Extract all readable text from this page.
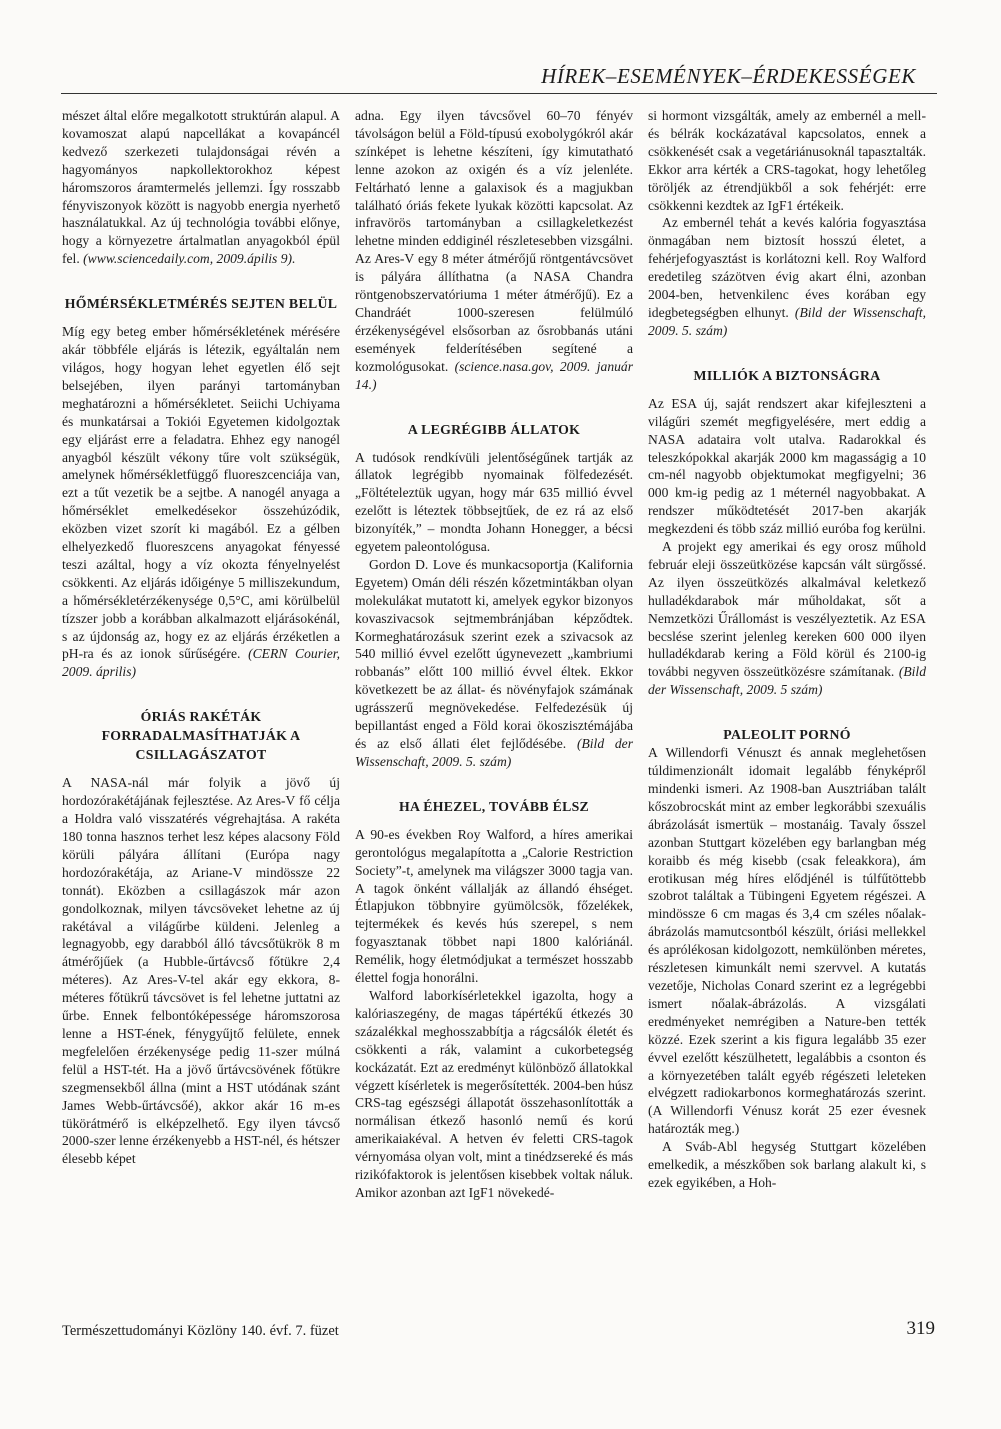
HÍREK–ESEMÉNYEK–ÉRDEKESSÉGEK

mészet által előre megalkotott struktúrán alapul. A kovamoszat alapú napcellákat a kovapáncél kedvező szerkezeti tulajdonságai révén a hagyományos napkollektorokhoz képest háromszoros áramtermelés jellemzi. Így rosszabb fényviszonyok között is nagyobb energia nyerhető használatukkal. Az új technológia további előnye, hogy a környezetre ártalmatlan anyagokból épül fel. (www.sciencedaily.com, 2009.ápilis 9).

HŐMÉRSÉKLETMÉRÉS SEJTEN BELÜL

Míg egy beteg ember hőmérsékletének mérésére akár többféle eljárás is létezik, egyáltalán nem világos, hogy hogyan lehet egyetlen élő sejt belsejében, ilyen parányi tartományban meghatározni a hőmérsékletet. Seiichi Uchiyama és munkatársai a Tokiói Egyetemen kidolgoztak egy eljárást erre a feladatra. Ehhez egy nanogél anyagból készült vékony tűre volt szükségük, amelynek hőmérsékletfüggő fluoreszcenciája van, ezt a tűt vezetik be a sejtbe. A nanogél anyaga a hőmérséklet emelkedésekor összehúzódik, eközben vizet szorít ki magából. Ez a gélben elhelyezkedő fluoreszcens anyagokat fényessé teszi azáltal, hogy a víz okozta fényelnyelést csökkenti. Az eljárás időigénye 5 milliszekundum, a hőmérsékletérzékenysége 0,5°C, ami körülbelül tízszer jobb a korábban alkalmazott eljárásokénál, s az újdonság az, hogy ez az eljárás érzéketlen a pH-ra és az ionok sűrűségére. (CERN Courier, 2009. április)

ÓRIÁS RAKÉTÁK FORRADALMASÍTHATJÁK A CSILLAGÁSZATOT

A NASA-nál már folyik a jövő új hordozórakétájának fejlesztése. Az Ares-V fő célja a Holdra való visszatérés végrehajtása. A rakéta 180 tonna hasznos terhet lesz képes alacsony Föld körüli pályára állítani (Európa nagy hordozórakétája, az Ariane-V mindössze 22 tonnát). Eközben a csillagászok már azon gondolkoznak, milyen távcsöveket lehetne az új rakétával a világűrbe küldeni. Jelenleg a legnagyobb, egy darabból álló távcsőtükrök 8 m átmérőjűek (a Hubble-űrtávcső főtükre 2,4 méteres). Az Ares-V-tel akár egy ekkora, 8-méteres főtükrű távcsövet is fel lehetne juttatni az űrbe. Ennek felbontóképessége háromszorosa lenne a HST-ének, fénygyűjtő felülete, ennek megfelelően érzékenysége pedig 11-szer múlná felül a HST-tét. Ha a jövő űrtávcsövének főtükre szegmensekből állna (mint a HST utódának szánt James Webb-űrtávcsőé), akkor akár 16 m-es tükörátmérő is elképzelhető. Egy ilyen távcső 2000-szer lenne érzékenyebb a HST-nél, és hétszer élesebb képet

adna. Egy ilyen távcsővel 60–70 fényév távolságon belül a Föld-típusú exobolygókról akár színképet is lehetne készíteni, így kimutatható lenne azokon az oxigén és a víz jelenléte. Feltárható lenne a galaxisok és a magjukban található óriás fekete lyukak közötti kapcsolat. Az infravörös tartományban a csillagkeletkezést lehetne minden eddiginél részletesebben vizsgálni. Az Ares-V egy 8 méter átmérőjű röntgentávcsövet is pályára állíthatna (a NASA Chandra röntgenobszervatóriuma 1 méter átmérőjű). Ez a Chandráét 1000-szeresen felülmúló érzékenységével elsősorban az ősrobbanás utáni események felderítésében segítené a kozmológusokat. (science.nasa.gov, 2009. január 14.)

A LEGRÉGIBB ÁLLATOK

A tudósok rendkívüli jelentőségűnek tartják az állatok legrégibb nyomainak fölfedezését. „Föltételeztük ugyan, hogy már 635 millió évvel ezelőtt is léteztek többsejtűek, de ez rá az első bizonyíték,” – mondta Johann Honegger, a bécsi egyetem paleontológusa.

Gordon D. Love és munkacsoportja (Kalifornia Egyetem) Omán déli részén kőzetmintákban olyan molekulákat mutatott ki, amelyek egykor bizonyos kovaszivacsok sejtmembránjában képződtek. Kormeghatározásuk szerint ezek a szivacsok az 540 millió évvel ezelőtt úgynevezett „kambriumi robbanás” előtt 100 millió évvel éltek. Ekkor következett be az állat- és növényfajok számának ugrásszerű megnövekedése. Felfedezésük új bepillantást enged a Föld korai ökoszisztémájába és az első állati élet fejlődésébe. (Bild der Wissenschaft, 2009. 5. szám)

HA ÉHEZEL, TOVÁBB ÉLSZ

A 90-es években Roy Walford, a híres amerikai gerontológus megalapította a „Calorie Restriction Society”-t, amelynek ma világszer 3000 tagja van. A tagok önként vállalják az állandó éhséget. Étlapjukon többnyire gyümölcsök, főzelékek, tejtermékek és kevés hús szerepel, s nem fogyasztanak többet napi 1800 kalóriánál. Remélik, hogy életmódjukat a természet hosszabb élettel fogja honorálni.

Walford laborkísérletekkel igazolta, hogy a kalóriaszegény, de magas tápértékű étkezés 30 százalékkal meghosszabbítja a rágcsálók életét és csökkenti a rák, valamint a cukorbetegség kockázatát. Ezt az eredményt különböző állatokkal végzett kísérletek is megerősítették. 2004-ben húsz CRS-tag egészségi állapotát összehasonlították a normálisan étkező hasonló nemű és korú amerikaiakéval. A hetven év feletti CRS-tagok vérnyomása olyan volt, mint a tinédzsereké és más rizikófaktorok is jelentősen kisebbek voltak náluk. Amikor azonban azt IgF1 növekedé-

si hormont vizsgálták, amely az embernél a mell- és bélrák kockázatával kapcsolatos, ennek a csökkenését csak a vegetáriánusoknál tapasztalták. Ekkor arra kérték a CRS-tagokat, hogy lehetőleg töröljék az étrendjükből a sok fehérjét: erre csökkenni kezdtek az IgF1 értékeik.

Az embernél tehát a kevés kalória fogyasztása önmagában nem biztosít hosszú életet, a fehérjefogyasztást is korlátozni kell. Roy Walford eredetileg százötven évig akart élni, azonban 2004-ben, hetvenkilenc éves korában egy idegbetegségben elhunyt. (Bild der Wissenschaft, 2009. 5. szám)

MILLIÓK A BIZTONSÁGRA

Az ESA új, saját rendszert akar kifejleszteni a világűri szemét megfigyelésére, mert eddig a NASA adataira volt utalva. Radarokkal és teleszkópokkal akarják 2000 km magasságig a 10 cm-nél nagyobb objektumokat megfigyelni; 36 000 km-ig pedig az 1 méternél nagyobbakat. A rendszer működtetését 2017-ben akarják megkezdeni és több száz millió euróba fog kerülni.

A projekt egy amerikai és egy orosz műhold február eleji összeütközése kapcsán vált sürgőssé. Az ilyen összeütközés alkalmával keletkező hulladékdarabok már műholdakat, sőt a Nemzetközi Űrállomást is veszélyeztetik. Az ESA becslése szerint jelenleg kereken 600 000 ilyen hulladékdarab kering a Föld körül és 2100-ig további negyven összeütközésre számítanak. (Bild der Wissenschaft, 2009. 5 szám)

PALEOLIT PORNÓ

A Willendorfi Vénuszt és annak meglehetősen túldimenzionált idomait legalább fényképről mindenki ismeri. Az 1908-ban Ausztriában talált kőszobrocskát mint az ember legkorábbi szexuális ábrázolását ismertük – mostanáig. Tavaly ősszel azonban Stuttgart közelében egy barlangban még koraibb és még kisebb (csak feleakkora), ám erotikusan még híres elődjénél is túlfűtöttebb szobrot találtak a Tübingeni Egyetem régészei. A mindössze 6 cm magas és 3,4 cm széles nőalak-ábrázolás mamutcsontból készült, óriási mellekkel és aprólékosan kidolgozott, nemkülönben méretes, részletesen kimunkált nemi szervvel. A kutatás vezetője, Nicholas Conard szerint ez a legrégebbi ismert nőalak-ábrázolás. A vizsgálati eredményeket nemrégiben a Nature-ben tették közzé. Ezek szerint a kis figura legalább 35 ezer évvel ezelőtt készülhetett, legalábbis a csonton és a környezetében talált egyéb régészeti leleteken elvégzett radiokarbonos kormeghatározás szerint. (A Willendorfi Vénusz korát 25 ezer évesnek határozták meg.)

A Sváb-Abl hegység Stuttgart közelében emelkedik, a mészkőben sok barlang alakult ki, s ezek egyikében, a Hoh-

Természettudományi Közlöny 140. évf. 7. füzet	319
